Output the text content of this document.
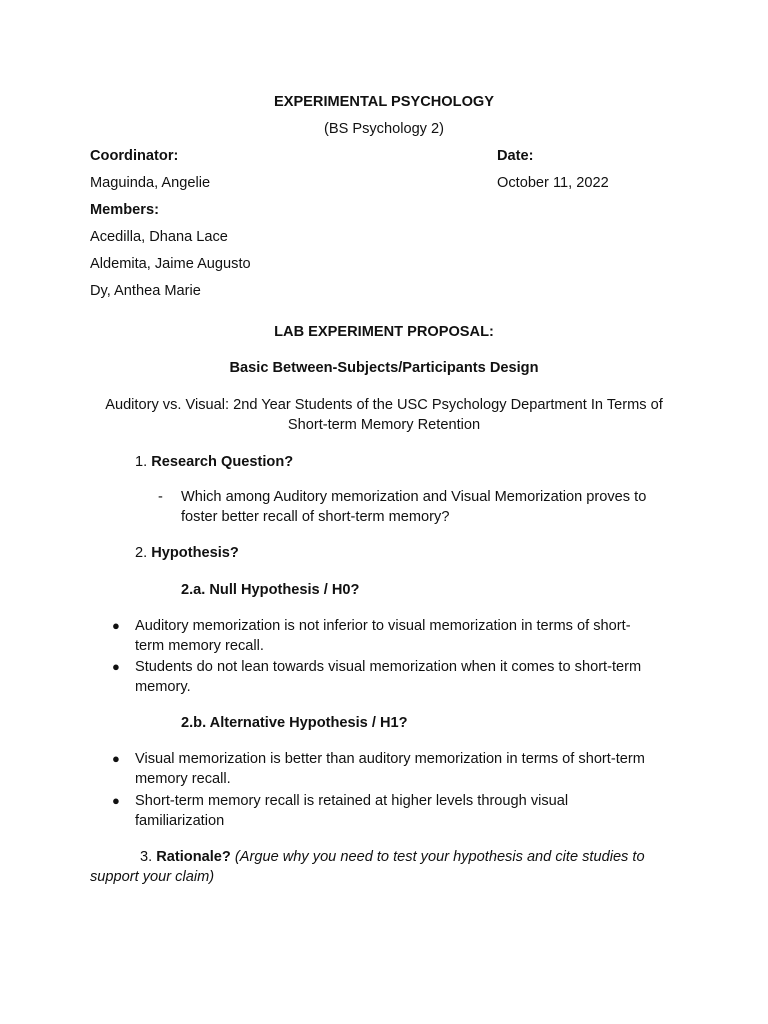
EXPERIMENTAL PSYCHOLOGY
(BS Psychology 2)
Coordinator:	Date:
Maguinda, Angelie	October 11, 2022
Members:
Acedilla, Dhana Lace
Aldemita, Jaime Augusto
Dy, Anthea Marie
LAB EXPERIMENT PROPOSAL:
Basic Between-Subjects/Participants Design
Auditory vs. Visual: 2nd Year Students of the USC Psychology Department In Terms of
Short-term Memory Retention
1. Research Question?
- Which among Auditory memorization and Visual Memorization proves to
foster better recall of short-term memory?
2. Hypothesis?
2.a. Null Hypothesis / H0?
● Auditory memorization is not inferior to visual memorization in terms of short-
term memory recall.
● Students do not lean towards visual memorization when it comes to short-term
memory.
2.b. Alternative Hypothesis / H1?
● Visual memorization is better than auditory memorization in terms of short-term
memory recall.
● Short-term memory recall is retained at higher levels through visual
familiarization
3. Rationale? (Argue why you need to test your hypothesis and cite studies to
support your claim)
